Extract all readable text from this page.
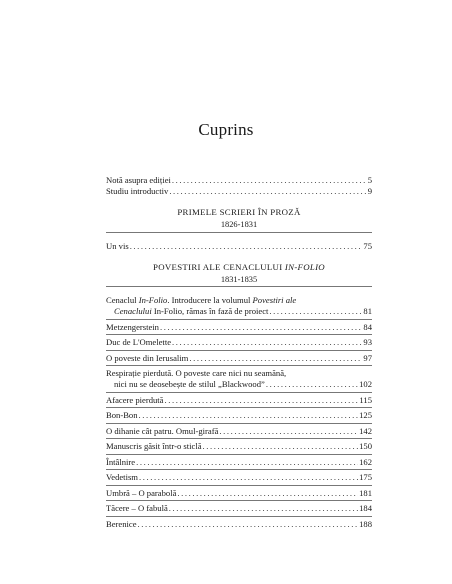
Cuprins
Notă asupra ediției .....	5
Studiu introductiv .....	9
PRIMELE SCRIERI ÎN PROZĂ
1826-1831
Un vis .....	75
POVESTIRI ALE CENACLULUI IN-FOLIO
1831-1835
Cenaclul In-Folio. Introducere la volumul Povestiri ale
Cenaclului In-Folio, rămas în fază de proiect .....	81
Metzengerstein .....	84
Duc de L'Omelette .....	93
O poveste din Ierusalim .....	97
Respirație pierdută. O poveste care nici nu seamănă,
nici nu se deosebește de stilul „Blackwood” .....	102
Afacere pierdută .....	115
Bon-Bon .....	125
O dihanie cât patru. Omul-girafă .....	142
Manuscris găsit într-o sticlă .....	150
Întâlnire .....	162
Vedetism .....	175
Umbră – O parabolă .....	181
Tăcere – O fabulă .....	184
Berenice .....	188
